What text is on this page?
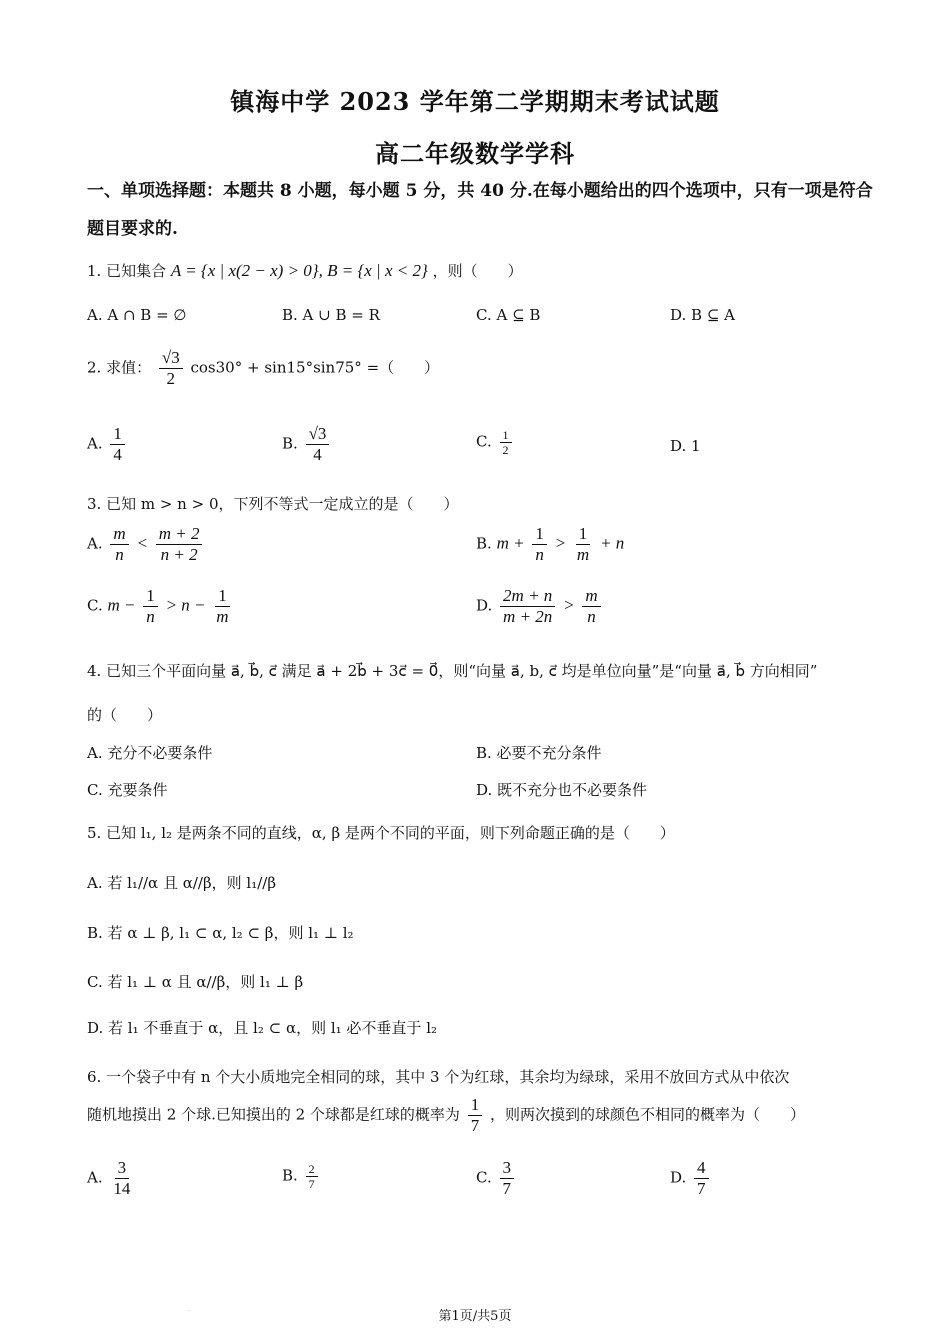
镇海中学 2023 学年第二学期期末考试试题
高二年级数学学科
一、单项选择题：本题共 8 小题，每小题 5 分，共 40 分.在每小题给出的四个选项中，只有一项是符合题目要求的.
1. 已知集合 A = {x | x(2 − x) > 0}, B = {x | x < 2} ，则（　　）
A. A ∩ B = ∅	B. A ∪ B = R	C. A ⊆ B	D. B ⊆ A
2. 求值： $\frac{√3}{2} \cos 30^\circ + \sin 15^\circ\sin 75^\circ$ =（　　）
A. $\frac{1}{4}$	B. $\frac{√3}{4}$	C. $\frac{1}{2}$	D. 1
3. 已知 m > n > 0，下列不等式一定成立的是（　　）
A. $\frac{m}{n} < \frac{m + 2}{n + 2}$	B. $m + \frac{1}{n} > \frac{1}{m} + n$
C. $m - \frac{1}{n} > n - \frac{1}{m}$	D. $\frac{2m + n}{m + 2n} > \frac{m}{n}$
4. 已知三个平面向量 a⃗, b⃗, c⃗ 满足 a⃗ + 2b⃗ + 3c⃗ = 0⃗，则“向量 a⃗, b, c⃗ 均是单位向量”是“向量 a⃗, b⃗ 方向相同”
的（　　）
A. 充分不必要条件	B. 必要不充分条件
C. 充要条件	D. 既不充分也不必要条件
5. 已知 l₁, l₂ 是两条不同的直线，α, β 是两个不同的平面，则下列命题正确的是（　　）
A. 若 l₁//α 且 α//β，则 l₁//β
B. 若 α ⊥ β, l₁ ⊂ α, l₂ ⊂ β，则 l₁ ⊥ l₂
C. 若 l₁ ⊥ α 且 α//β，则 l₁ ⊥ β
D. 若 l₁ 不垂直于 α，且 l₂ ⊂ α，则 l₁ 必不垂直于 l₂
6. 一个袋子中有 n 个大小质地完全相同的球，其中 3 个为红球，其余均为绿球，采用不放回方式从中依次
随机地摸出 2 个球.已知摸出的 2 个球都是红球的概率为 $\frac{1}{7}$ ，则两次摸到的球颜色不相同的概率为（　　）
A. $\frac{3}{14}$	B. $\frac{2}{7}$	C. $\frac{3}{7}$	D. $\frac{4}{7}$
·	第1页/共5页
